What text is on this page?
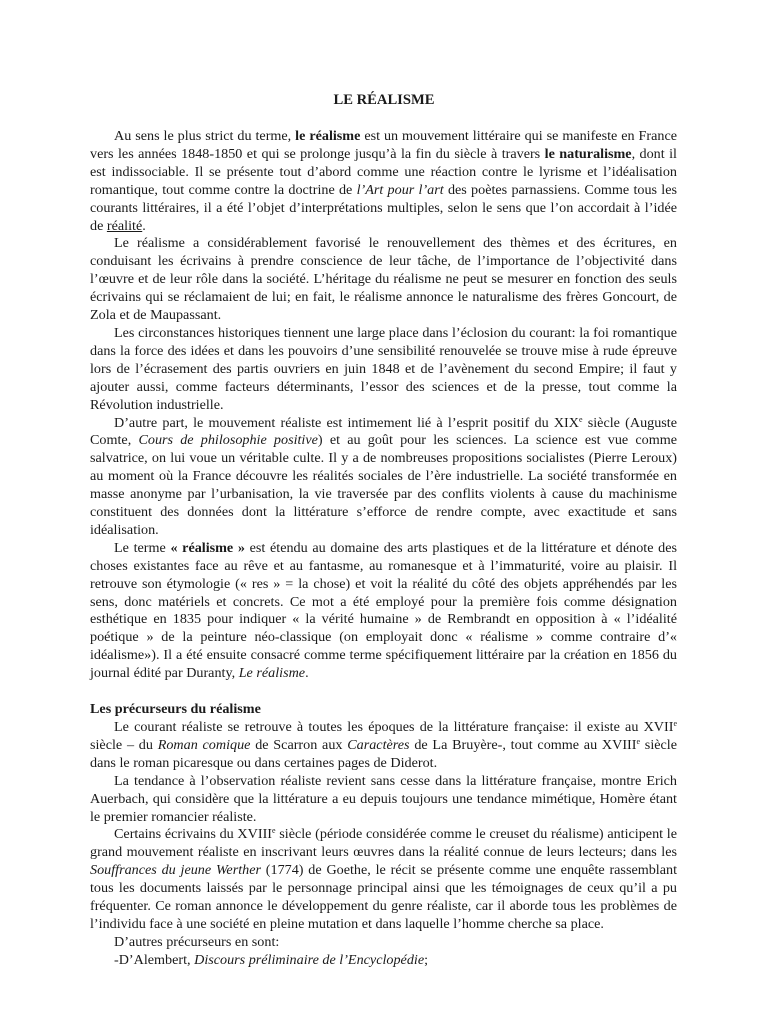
LE RÉALISME

Au sens le plus strict du terme, le réalisme est un mouvement littéraire qui se manifeste en France vers les années 1848-1850 et qui se prolonge jusqu’à la fin du siècle à travers le naturalisme, dont il est indissociable. Il se présente tout d’abord comme une réaction contre le lyrisme et l’idéalisation romantique, tout comme contre la doctrine de l’Art pour l’art des poètes parnassiens. Comme tous les courants littéraires, il a été l’objet d’interprétations multiples, selon le sens que l’on accordait à l’idée de réalité.

Le réalisme a considérablement favorisé le renouvellement des thèmes et des écritures, en conduisant les écrivains à prendre conscience de leur tâche, de l’importance de l’objectivité dans l’œuvre et de leur rôle dans la société. L’héritage du réalisme ne peut se mesurer en fonction des seuls écrivains qui se réclamaient de lui; en fait, le réalisme annonce le naturalisme des frères Goncourt, de Zola et de Maupassant.

Les circonstances historiques tiennent une large place dans l’éclosion du courant: la foi romantique dans la force des idées et dans les pouvoirs d’une sensibilité renouvelée se trouve mise à rude épreuve lors de l’écrasement des partis ouvriers en juin 1848 et de l’avènement du second Empire; il faut y ajouter aussi, comme facteurs déterminants, l’essor des sciences et de la presse, tout comme la Révolution industrielle.

D’autre part, le mouvement réaliste est intimement lié à l’esprit positif du XIXe siècle (Auguste Comte, Cours de philosophie positive) et au goût pour les sciences. La science est vue comme salvatrice, on lui voue un véritable culte. Il y a de nombreuses propositions socialistes (Pierre Leroux) au moment où la France découvre les réalités sociales de l’ère industrielle. La société transformée en masse anonyme par l’urbanisation, la vie traversée par des conflits violents à cause du machinisme constituent des données dont la littérature s’efforce de rendre compte, avec exactitude et sans idéalisation.

Le terme « réalisme » est étendu au domaine des arts plastiques et de la littérature et dénote des choses existantes face au rêve et au fantasme, au romanesque et à l’immaturité, voire au plaisir. Il retrouve son étymologie (« res » = la chose) et voit la réalité du côté des objets appréhendés par les sens, donc matériels et concrets. Ce mot a été employé pour la première fois comme désignation esthétique en 1835 pour indiquer « la vérité humaine » de Rembrandt en opposition à « l’idéalité poétique » de la peinture néo-classique (on employait donc « réalisme » comme contraire d’« idéalisme»). Il a été ensuite consacré comme terme spécifiquement littéraire par la création en 1856 du journal édité par Duranty, Le réalisme.

Les précurseurs du réalisme

Le courant réaliste se retrouve à toutes les époques de la littérature française: il existe au XVIIe siècle – du Roman comique de Scarron aux Caractères de La Bruyère-, tout comme au XVIIIe siècle dans le roman picaresque ou dans certaines pages de Diderot.

La tendance à l’observation réaliste revient sans cesse dans la littérature française, montre Erich Auerbach, qui considère que la littérature a eu depuis toujours une tendance mimétique, Homère étant le premier romancier réaliste.

Certains écrivains du XVIIIe siècle (période considérée comme le creuset du réalisme) anticipent le grand mouvement réaliste en inscrivant leurs œuvres dans la réalité connue de leurs lecteurs; dans les Souffrances du jeune Werther (1774) de Goethe, le récit se présente comme une enquête rassemblant tous les documents laissés par le personnage principal ainsi que les témoignages de ceux qu’il a pu fréquenter. Ce roman annonce le développement du genre réaliste, car il aborde tous les problèmes de l’individu face à une société en pleine mutation et dans laquelle l’homme cherche sa place.

D’autres précurseurs en sont:

-D’Alembert, Discours préliminaire de l’Encyclopédie;
